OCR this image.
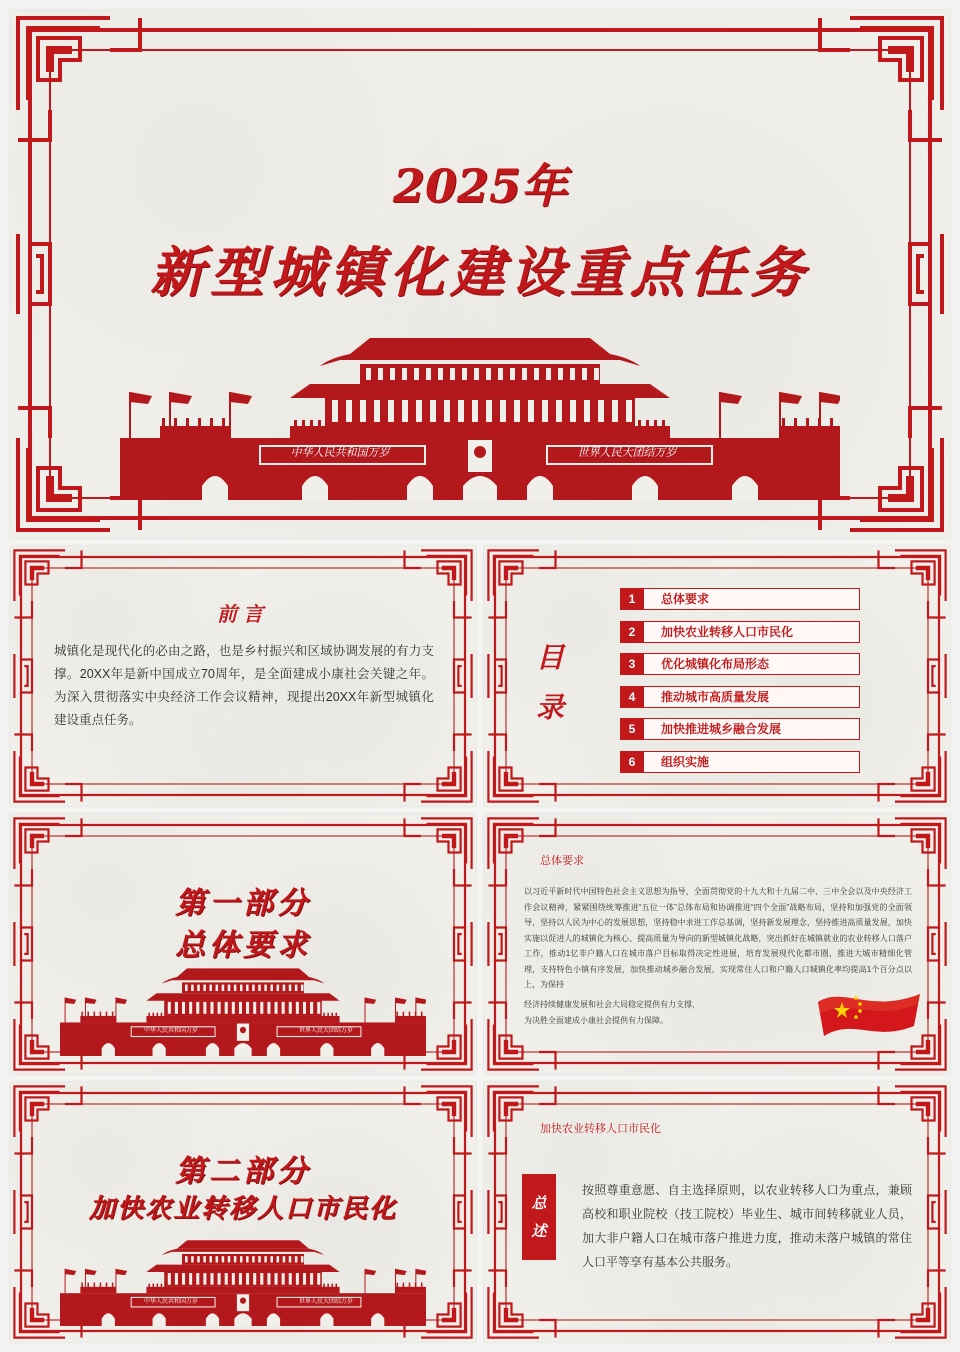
2025年
新型城镇化建设重点任务
中华人民共和国万岁	世界人民大团结万岁
前言
城镇化是现代化的必由之路，也是乡村振兴和区域协调发展的有力支撑。20XX年是新中国成立70周年，是全面建成小康社会关键之年。为深入贯彻落实中央经济工作会议精神，现提出20XX年新型城镇化建设重点任务。
目
录
1	总体要求
2	加快农业转移人口市民化
3	优化城镇化布局形态
4	推动城市高质量发展
5	加快推进城乡融合发展
6	组织实施
第一部分
总体要求
中华人民共和国万岁	世界人民大团结万岁
总体要求
以习近平新时代中国特色社会主义思想为指导，全面贯彻党的十九大和十九届二中、三中全会以及中央经济工作会议精神，紧紧围绕统筹推进“五位一体”总体布局和协调推进“四个全面”战略布局，坚持和加强党的全面领导，坚持以人民为中心的发展思想，坚持稳中求进工作总基调，坚持新发展理念，坚持推进高质量发展，加快实施以促进人的城镇化为核心、提高质量为导向的新型城镇化战略，突出抓好在城镇就业的农业转移人口落户工作，推动1亿非户籍人口在城市落户目标取得决定性进展，培育发展现代化都市圈，推进大城市精细化管理，支持特色小镇有序发展，加快推动城乡融合发展，实现常住人口和户籍人口城镇化率均提高1个百分点以上，为保持
经济持续健康发展和社会大局稳定提供有力支撑，
为决胜全面建成小康社会提供有力保障。
第二部分
加快农业转移人口市民化
中华人民共和国万岁	世界人民大团结万岁
加快农业转移人口市民化
总
述
按照尊重意愿、自主选择原则，以农业转移人口为重点，兼顾高校和职业院校（技工院校）毕业生、城市间转移就业人员，加大非户籍人口在城市落户推进力度，推动未落户城镇的常住人口平等享有基本公共服务。
